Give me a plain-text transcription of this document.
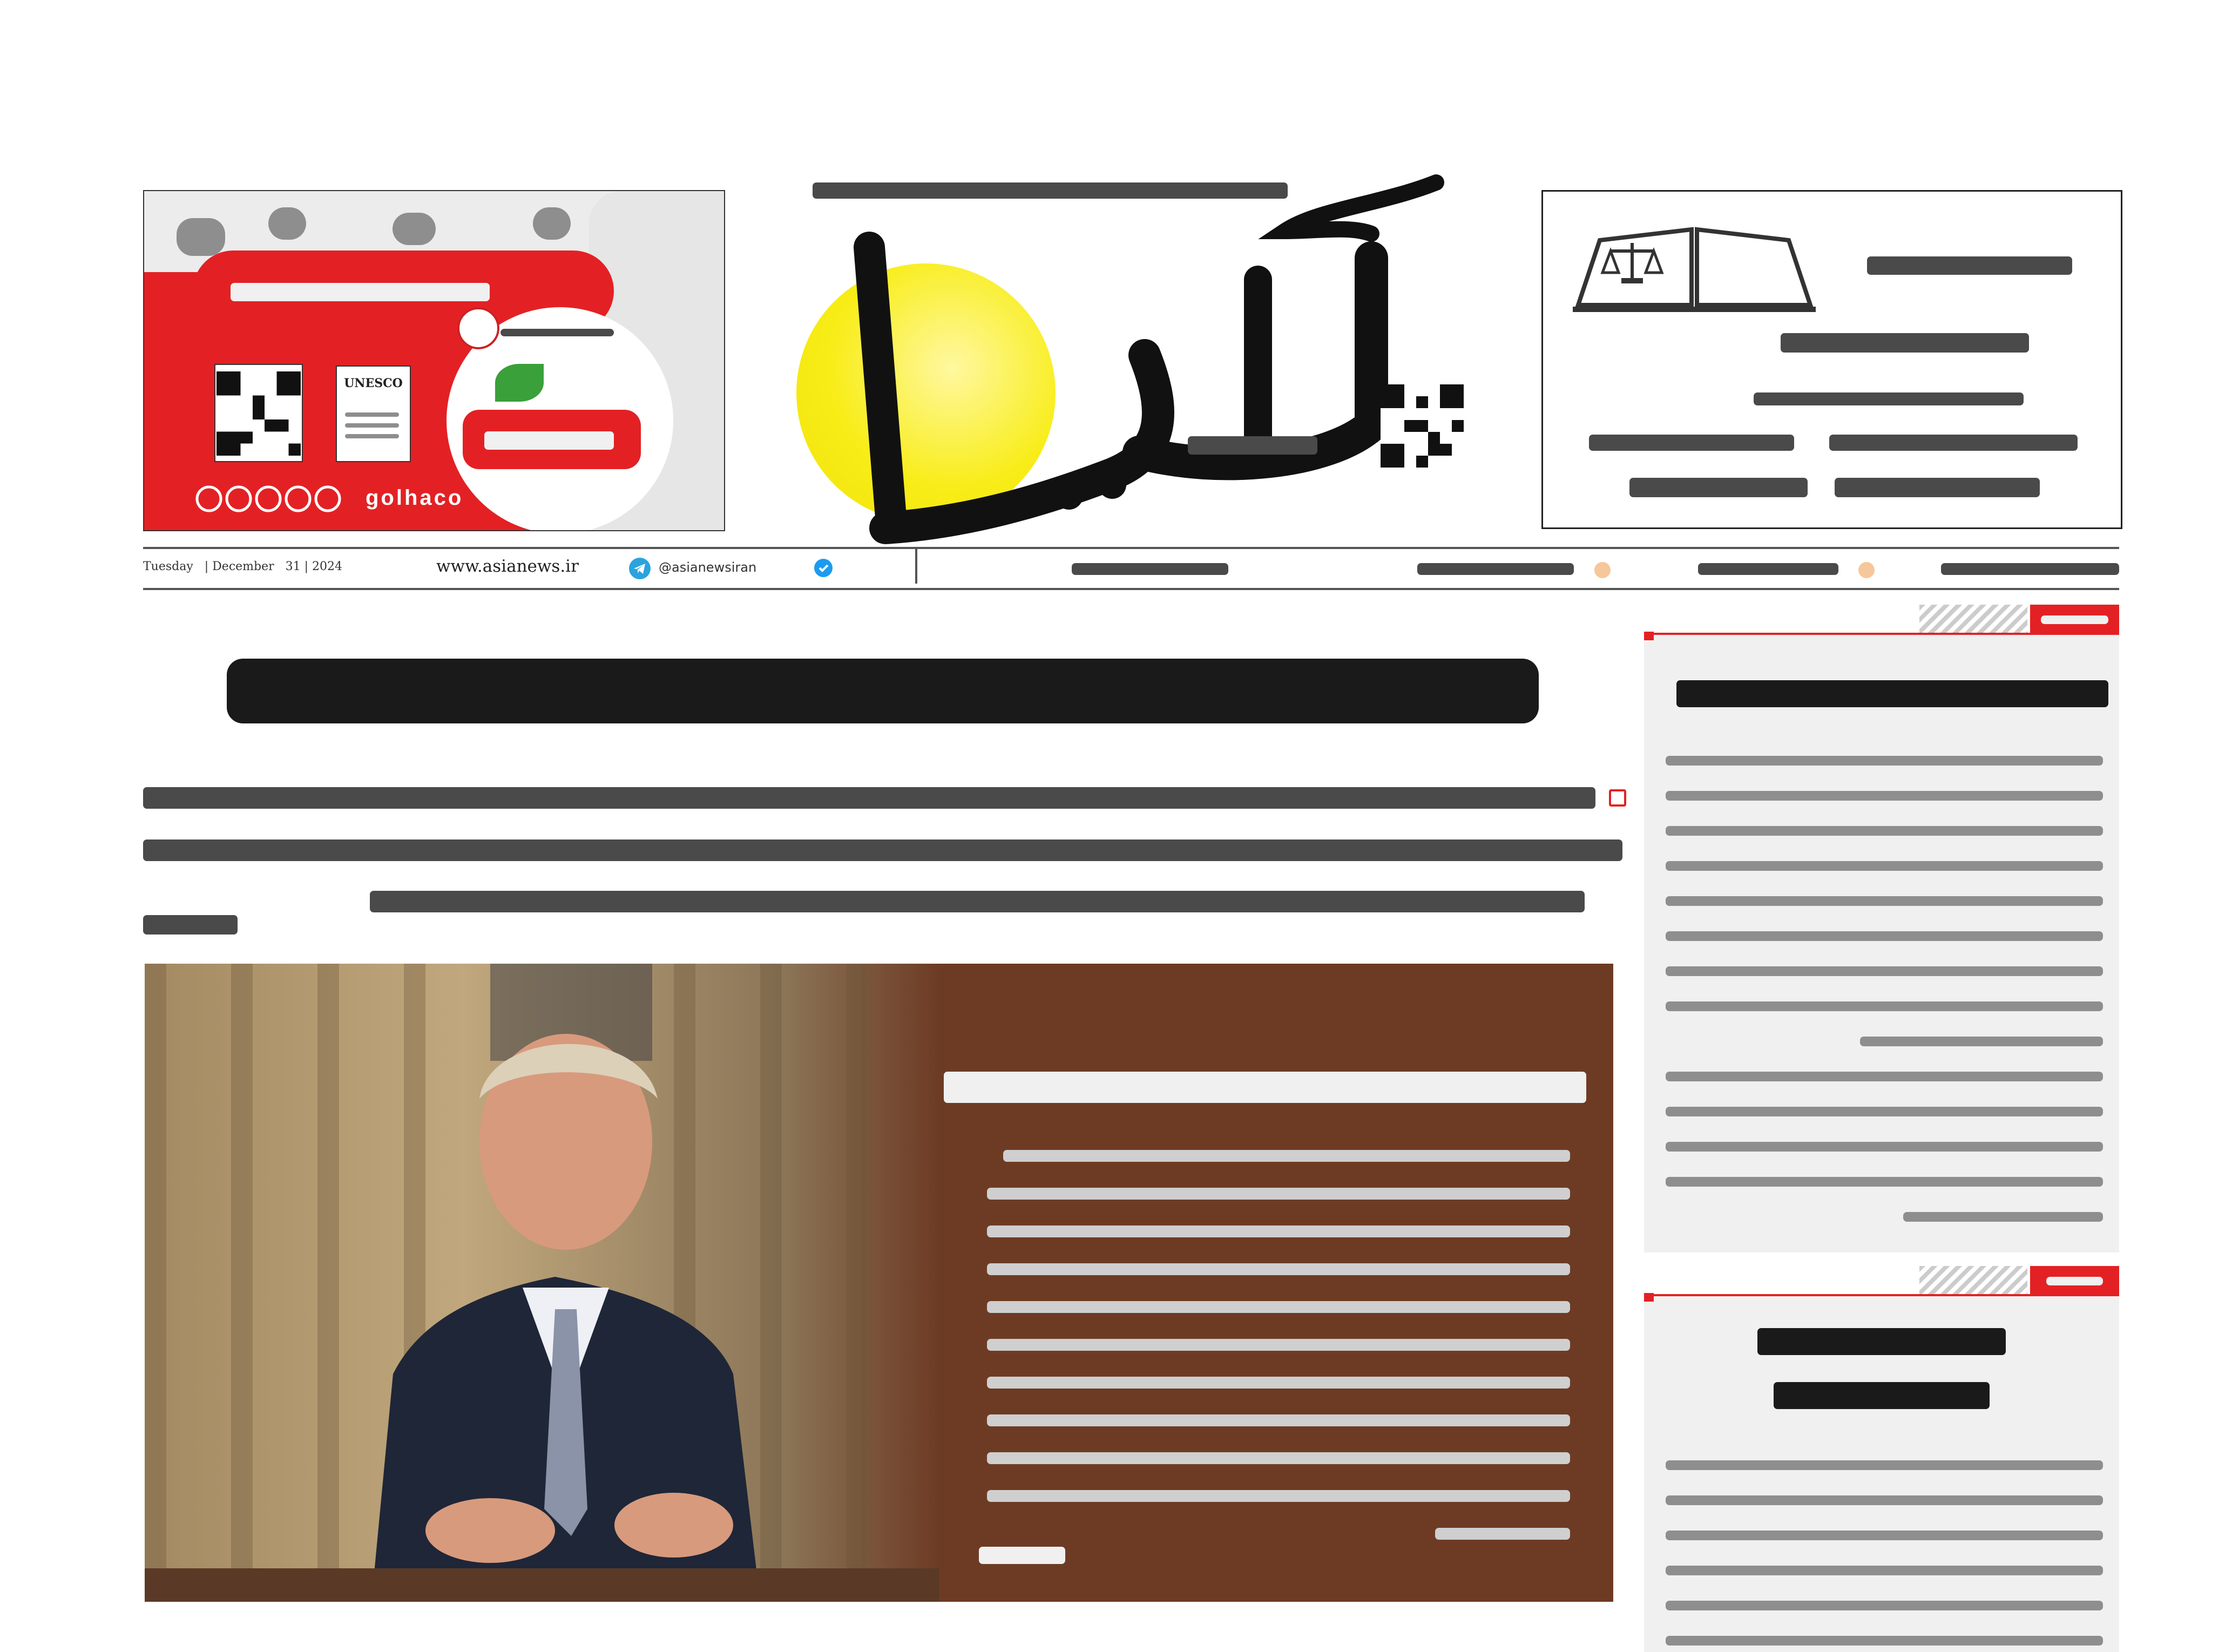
UNESCO
golhaco
Tuesday   | December   31 | 2024	www.asianews.ir	@asianewsiran
